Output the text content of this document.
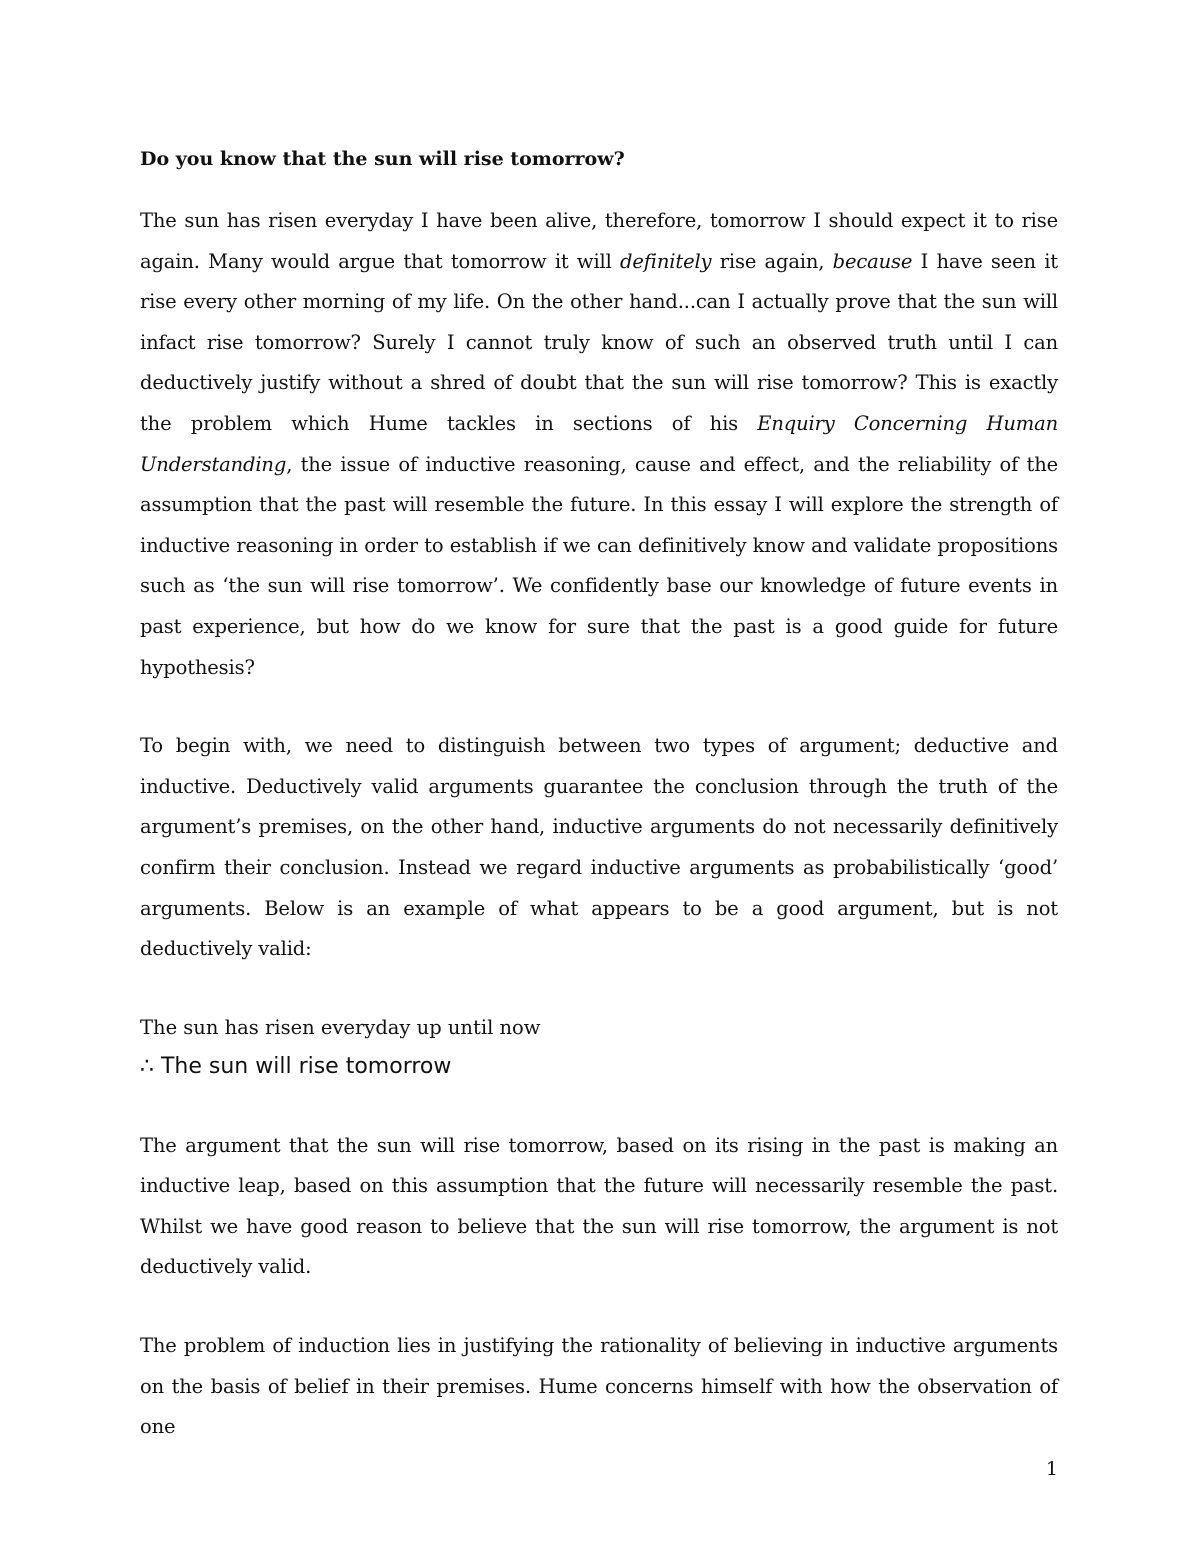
Do you know that the sun will rise tomorrow?

The sun has risen everyday I have been alive, therefore, tomorrow I should expect it to rise again. Many would argue that tomorrow it will definitely rise again, because I have seen it rise every other morning of my life. On the other hand...can I actually prove that the sun will infact rise tomorrow? Surely I cannot truly know of such an observed truth until I can deductively justify without a shred of doubt that the sun will rise tomorrow? This is exactly the problem which Hume tackles in sections of his Enquiry Concerning Human Understanding, the issue of inductive reasoning, cause and effect, and the reliability of the assumption that the past will resemble the future. In this essay I will explore the strength of inductive reasoning in order to establish if we can definitively know and validate propositions such as ‘the sun will rise tomorrow’. We confidently base our knowledge of future events in past experience, but how do we know for sure that the past is a good guide for future hypothesis?

To begin with, we need to distinguish between two types of argument; deductive and inductive. Deductively valid arguments guarantee the conclusion through the truth of the argument’s premises, on the other hand, inductive arguments do not necessarily definitively confirm their conclusion. Instead we regard inductive arguments as probabilistically ‘good’ arguments. Below is an example of what appears to be a good argument, but is not deductively valid:

The sun has risen everyday up until now
∴ The sun will rise tomorrow

The argument that the sun will rise tomorrow, based on its rising in the past is making an inductive leap, based on this assumption that the future will necessarily resemble the past. Whilst we have good reason to believe that the sun will rise tomorrow, the argument is not deductively valid.

The problem of induction lies in justifying the rationality of believing in inductive arguments on the basis of belief in their premises. Hume concerns himself with how the observation of one

1
